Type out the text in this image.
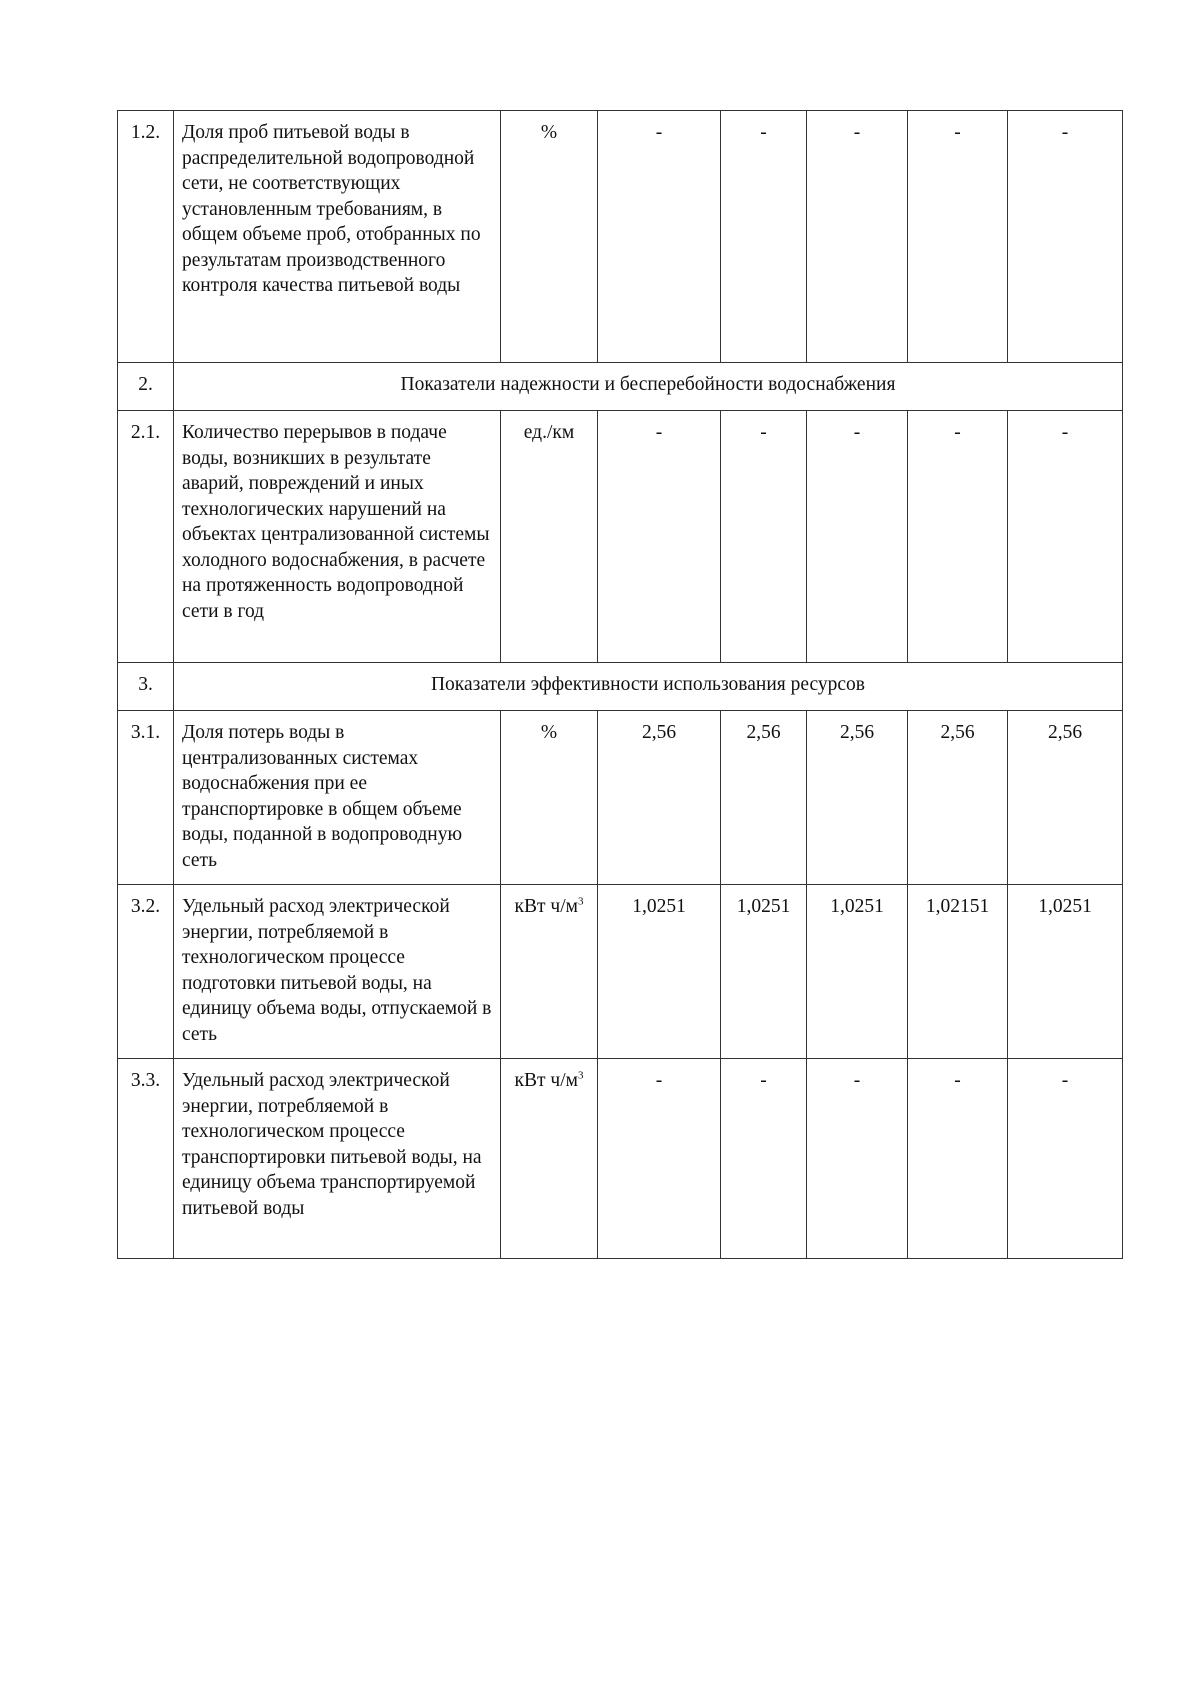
1.2.	Доля проб питьевой воды в распределительной водопроводной сети, не соответствующих установленным требованиям, в общем объеме проб, отобранных по результатам производственного контроля качества питьевой воды	%	-	-	-	-	-
2.	Показатели надежности и бесперебойности водоснабжения						
2.1.	Количество перерывов в подаче воды, возникших в результате аварий, повреждений и иных технологических нарушений на объектах централизованной системы холодного водоснабжения, в расчете на протяженность водопроводной сети в год	ед./км	-	-	-	-	-
3.	Показатели эффективности использования ресурсов						
3.1.	Доля потерь воды в централизованных системах водоснабжения при ее транспортировке в общем объеме воды, поданной в водопроводную сеть	%	2,56	2,56	2,56	2,56	2,56
3.2.	Удельный расход электрической энергии, потребляемой в технологическом процессе подготовки питьевой воды, на единицу объема воды, отпускаемой в сеть	кВт $ч/м^3$	1,0251	1,0251	1,0251	1,02151	1,0251
3.3.	Удельный расход электрической энергии, потребляемой в технологическом процессе транспортировки питьевой воды, на единицу объема транспортируемой питьевой воды	кВт $ч/м^3$	-	-	-	-	-
